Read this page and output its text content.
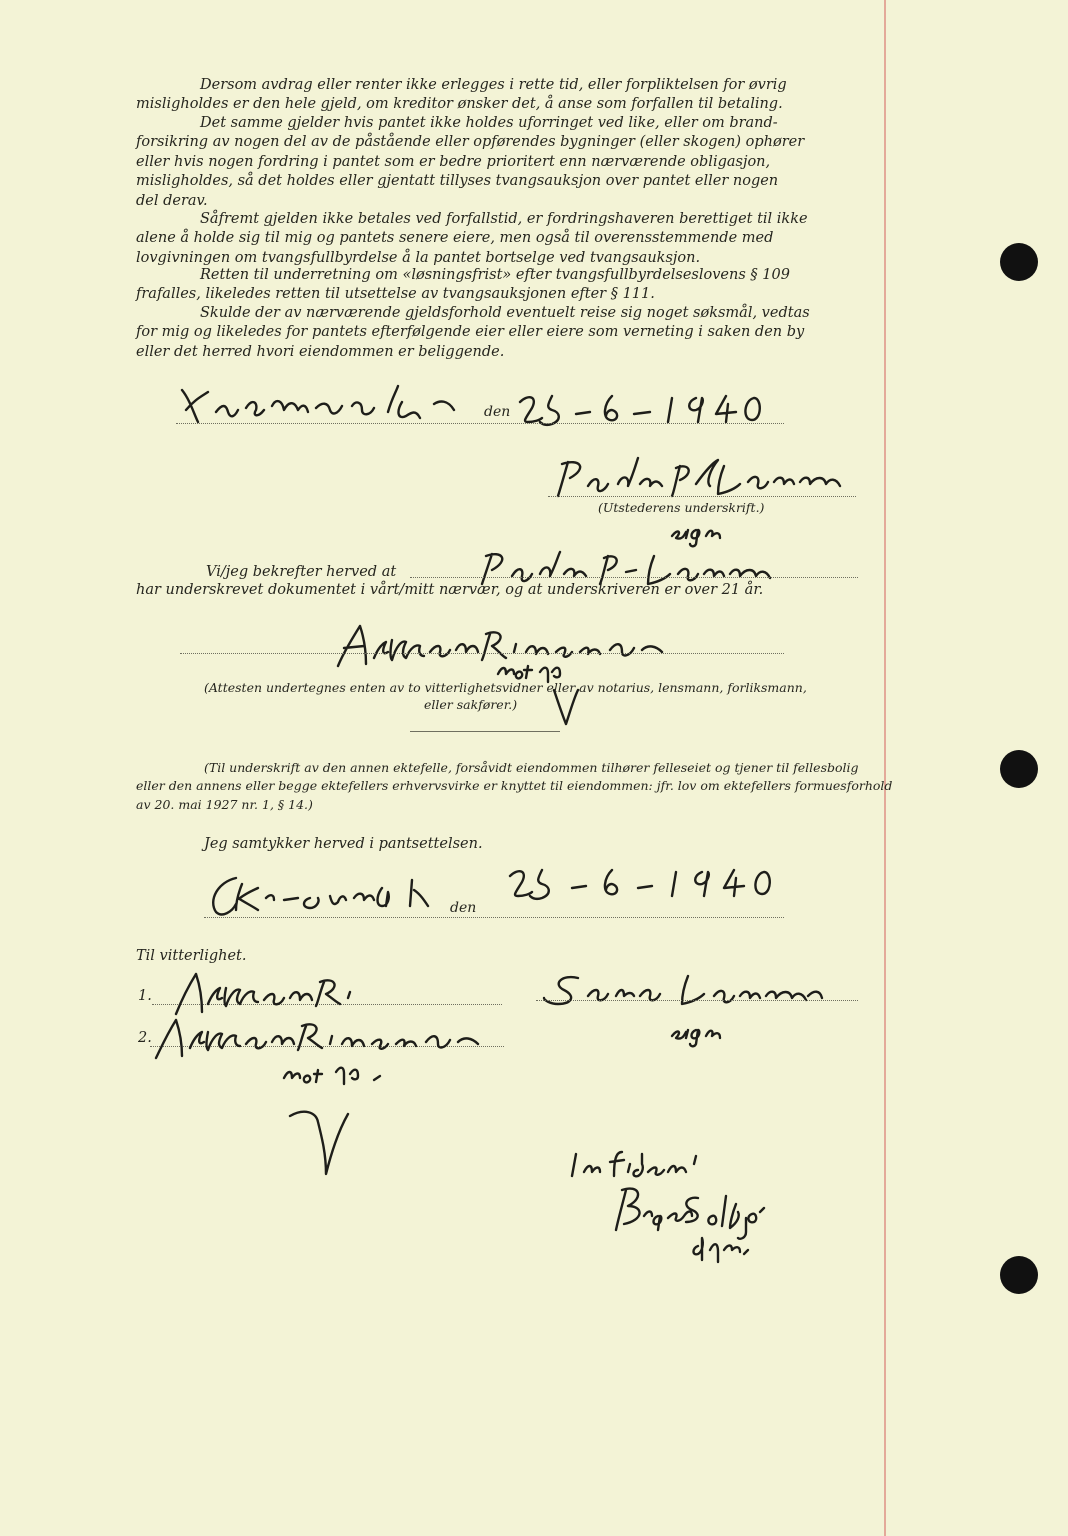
Dersom avdrag eller renter ikke erlegges i rette tid, eller forpliktelsen for øvrig
misligholdes er den hele gjeld, om kreditor ønsker det, å anse som forfallen til betaling.
Det samme gjelder hvis pantet ikke holdes uforringet ved like, eller om brand-
forsikring av nogen del av de påstående eller opførendes bygninger (eller skogen) ophører
eller hvis nogen fordring i pantet som er bedre prioritert enn nærværende obligasjon,
misligholdes, så det holdes eller gjentatt tillyses tvangsauksjon over pantet eller nogen
del derav.
Såfremt gjelden ikke betales ved forfallstid, er fordringshaveren berettiget til ikke
alene å holde sig til mig og pantets senere eiere, men også til overensstemmende med
lovgivningen om tvangsfullbyrdelse å la pantet bortselge ved tvangsauksjon.
Retten til underretning om «løsningsfrist» efter tvangsfullbyrdelseslovens § 109
frafalles, likeledes retten til utsettelse av tvangsauksjonen efter § 111.
Skulde der av nærværende gjeldsforhold eventuelt reise sig noget søksmål, vedtas
for mig og likeledes for pantets efterfølgende eier eller eiere som verneting i saken den by
eller det herred hvori eiendommen er beliggende.

den

(Utstederens underskrift.)

Vi/jeg bekrefter herved at

har underskrevet dokumentet i vårt/mitt nærvær, og at underskriveren er over 21 år.

(Attesten undertegnes enten av to vitterlighetsvidner eller av notarius, lensmann, forliksmann,

eller sakfører.)

(Til underskrift av den annen ektefelle, forsåvidt eiendommen tilhører felleseiet og tjener til fellesbolig

eller den annens eller begge ektefellers erhvervsvirke er knyttet til eiendommen: jfr. lov om ektefellers formuesforhold

av 20. mai 1927 nr. 1, § 14.)

Jeg samtykker herved i pantsettelsen.

den

Til vitterlighet.

1.

2.
